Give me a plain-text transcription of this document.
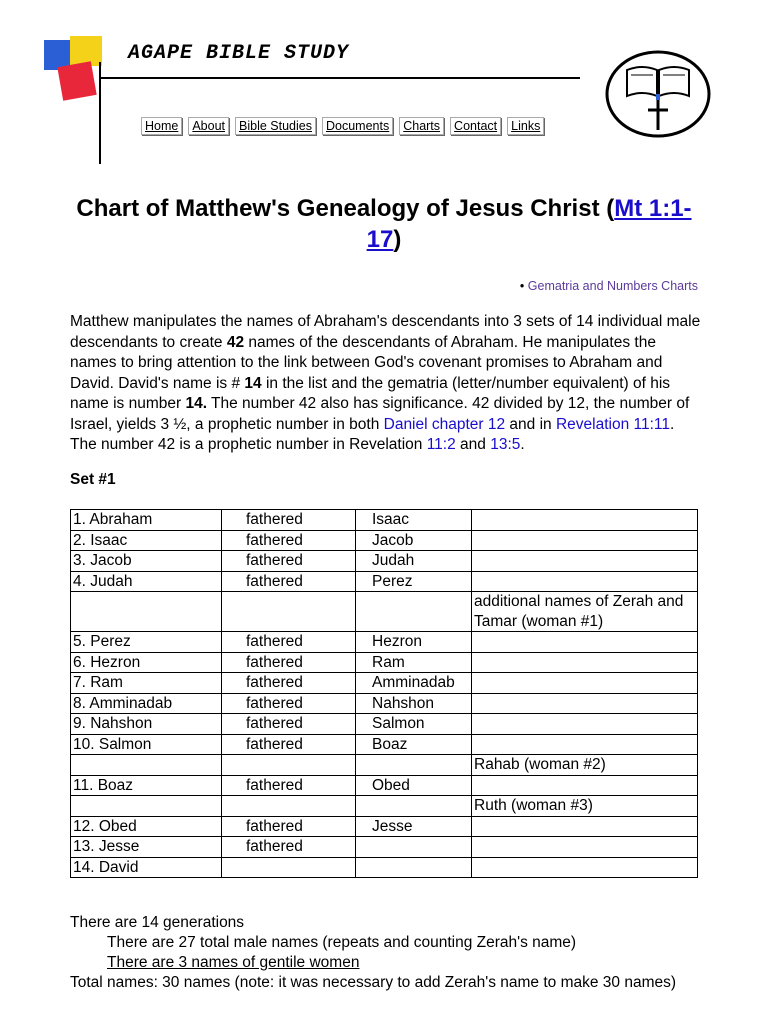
AGAPE BIBLE STUDY
Home	About	Bible Studies	Documents	Charts	Contact	Links
Chart of Matthew's Genealogy of Jesus Christ (Mt 1:1-17)
• Gematria and Numbers Charts
Matthew manipulates the names of Abraham's descendants into 3 sets of 14 individual male descendants to create 42 names of the descendants of Abraham. He manipulates the names to bring attention to the link between God's covenant promises to Abraham and David. David's name is # 14 in the list and the gematria (letter/number equivalent) of his name is number 14. The number 42 also has significance. 42 divided by 12, the number of Israel, yields 3 ½, a prophetic number in both Daniel chapter 12 and in Revelation 11:11. The number 42 is a prophetic number in Revelation 11:2 and 13:5.
Set #1
1. Abraham	fathered	Isaac	
2. Isaac	fathered	Jacob	
3. Jacob	fathered	Judah	
4. Judah	fathered	Perez	
			additional names of Zerah and Tamar (woman #1)
5. Perez	fathered	Hezron	
6. Hezron	fathered	Ram	
7. Ram	fathered	Amminadab	
8. Amminadab	fathered	Nahshon	
9. Nahshon	fathered	Salmon	
10. Salmon	fathered	Boaz	
			Rahab (woman #2)
11. Boaz	fathered	Obed	
			Ruth (woman #3)
12. Obed	fathered	Jesse	
13. Jesse	fathered		
14. David			
There are 14 generations
There are 27 total male names (repeats and counting Zerah's name)
There are 3 names of gentile women
Total names: 30 names (note: it was necessary to add Zerah's name to make 30 names)
